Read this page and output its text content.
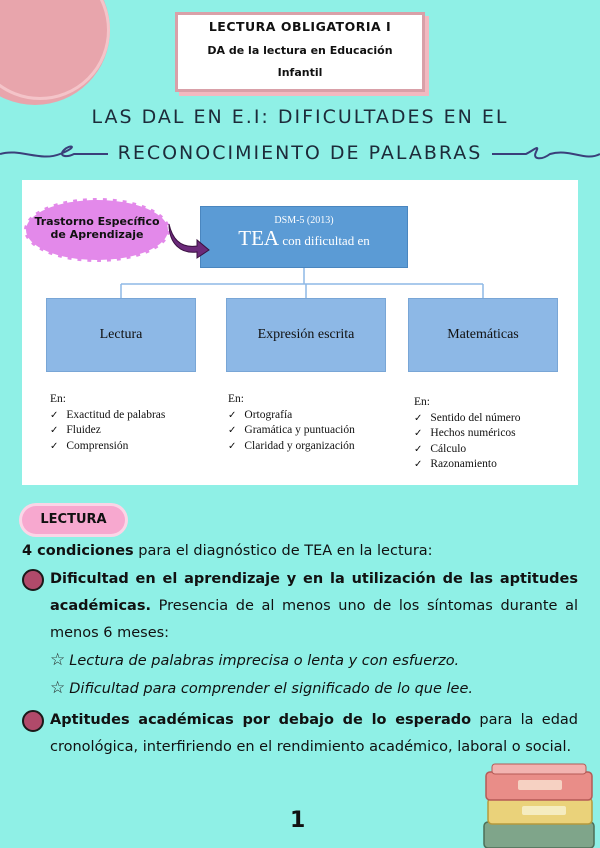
LECTURA OBLIGATORIA I
DA de la lectura en Educación
Infantil
LAS DAL EN E.I: DIFICULTADES EN EL
RECONOCIMIENTO DE PALABRAS
DSM-5 (2013)
TEA con dificultad en
Lectura	Expresión escrita	Matemáticas
En:
✓ Exactitud de palabras
✓ Fluidez
✓ Comprensión
En:
✓ Ortografía
✓ Gramática y puntuación
✓ Claridad y organización
En:
✓ Sentido del número
✓ Hechos numéricos
✓ Cálculo
✓ Razonamiento
Trastorno Específico
de Aprendizaje
LECTURA
4 condiciones para el diagnóstico de TEA en la lectura:
Dificultad en el aprendizaje y en la utilización de las aptitudes académicas. Presencia de al menos uno de los síntomas durante al menos 6 meses:
☆ Lectura de palabras imprecisa o lenta y con esfuerzo.
☆ Dificultad para comprender el significado de lo que lee.
Aptitudes académicas por debajo de lo esperado para la edad cronológica, interfiriendo en el rendimiento académico, laboral o social.
1
